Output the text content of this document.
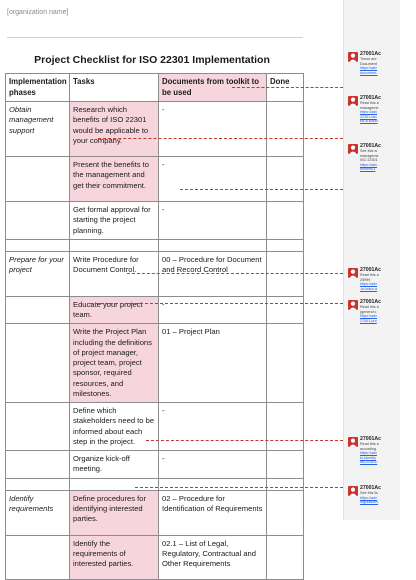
[organization name]
Project Checklist for ISO 22301 Implementation
Implementation phases	Tasks	Documents from toolkit to be used	Done
Obtain management support	Research which benefits of ISO 22301 would be applicable to your company.	-	
	Present the benefits to the management and get their commitment.	-	
	Get formal approval for starting the project planning.	-	

Prepare for your project	Write Procedure for Document Control.	00 – Procedure for Document and Record Control	
	Educate your project team.	-	
	Write the Project Plan including the definitions of project manager, project team, project sponsor, required resources, and milestones.	01 – Project Plan	
	Define which stakeholders need to be informed about each step in the project.	-	
	Organize kick-off meeting.	-	

Identify requirements	Define procedures for identifying interested parties.	02 – Procedure for Identification of Requirements	
	Identify the requirements of interested parties.	02.1 – List of Legal, Regulatory, Contractual and Other Requirements	
27001Ac
These are
Document
https://adv
document-
27001Ac
Read this a
manageme
https://adv
22301-ber
for-a-busin
27001Ac
See this w
manageme
ISO 22301
https://adv
benefits-f
27001Ac
Read this a
25999
https://adv
-to-learn-a
27001Ac
Read this a
(general c
https://adv
27001-pro
27001Ac
Read this a
according
https://adv
to-identify
iso-22301/
27001Ac
See this lis
https://adv
regulations
